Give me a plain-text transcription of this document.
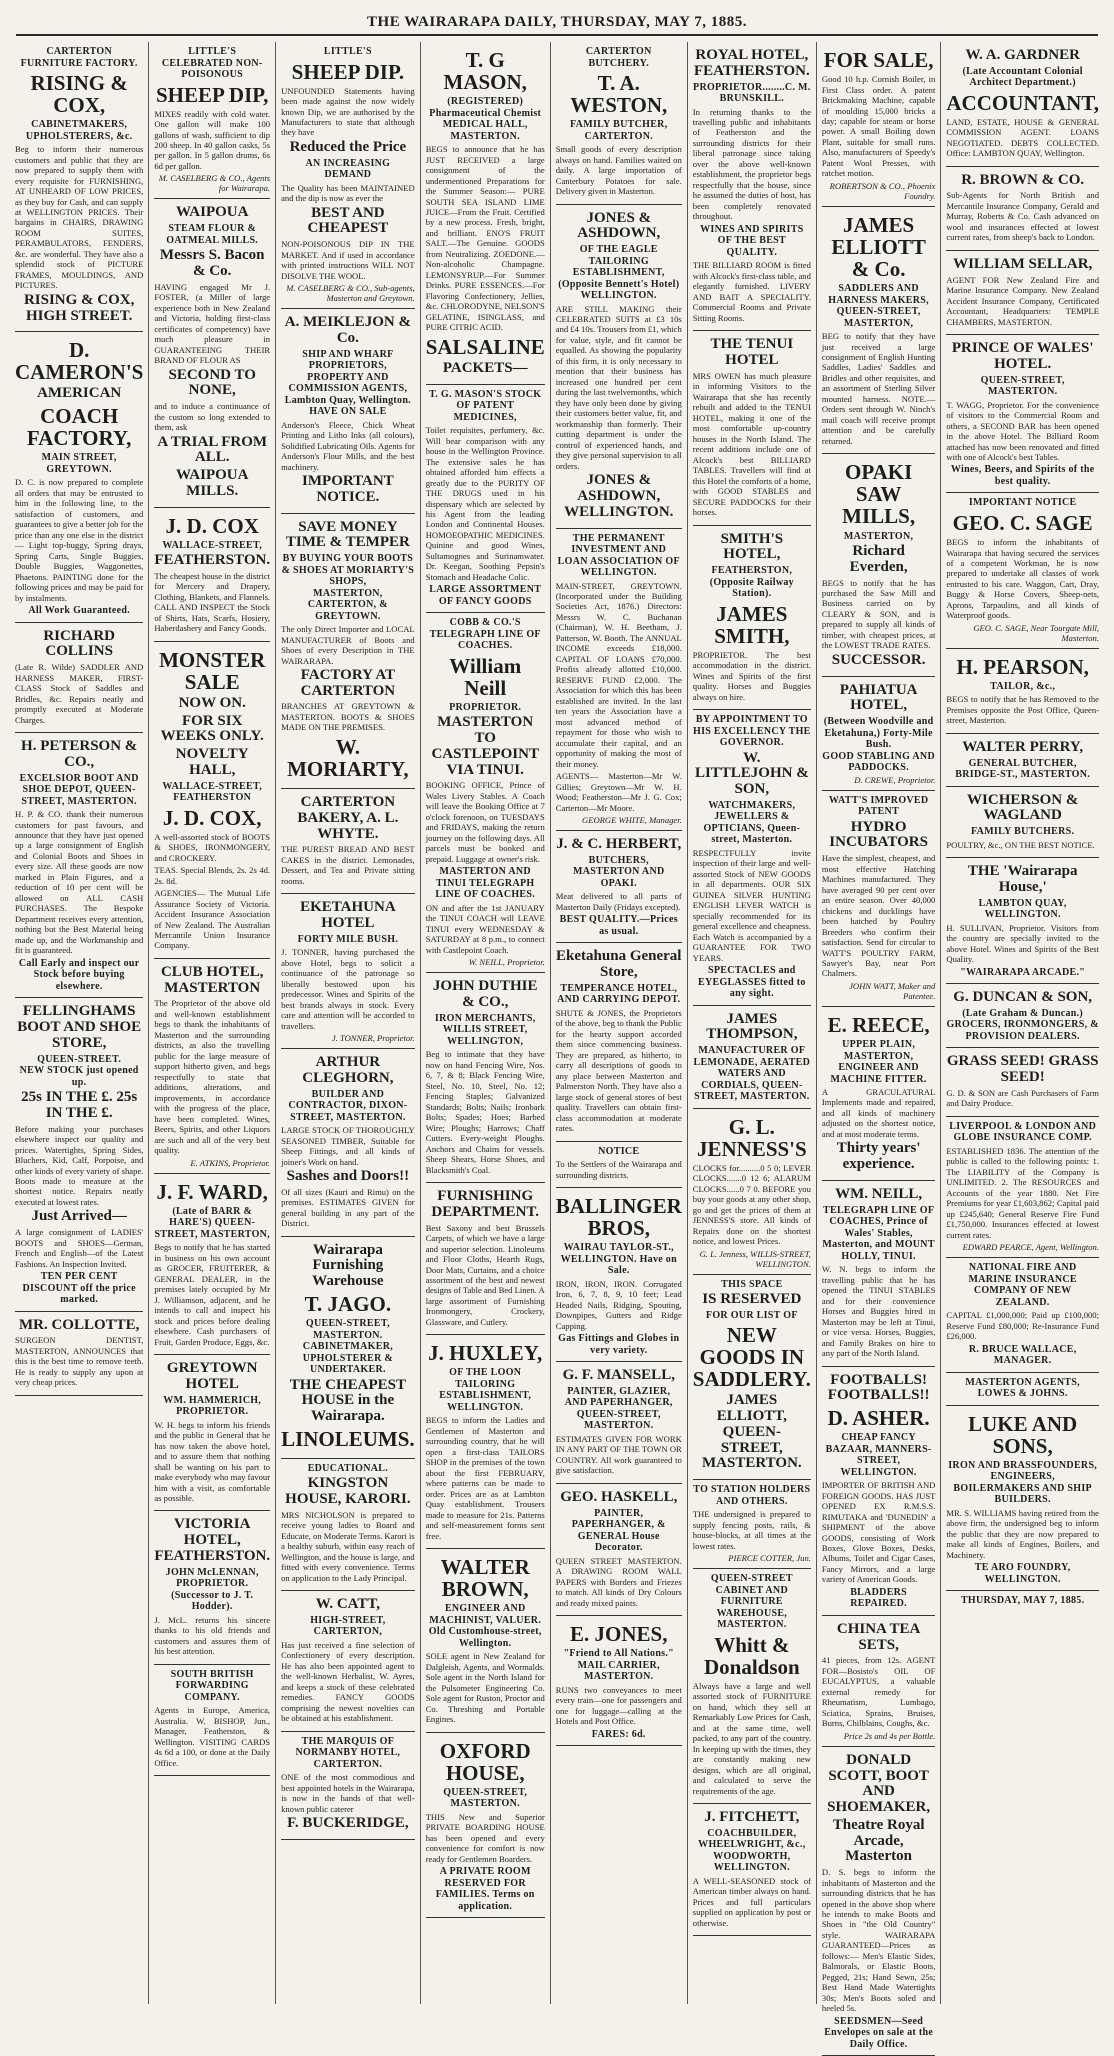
THE WAIRARAPA DAILY, THURSDAY, MAY 7, 1885.
CARTERTON FURNITURE FACTORY.
RISING & COX,
CABINETMAKERS, UPHOLSTERERS, &c.
Beg to inform their numerous customers and public that they are now prepared to supply them with every requisite for FURNISHING, AT UNHEARD OF LOW PRICES, as they buy for Cash, and can supply at WELLINGTON PRICES. Their bargains in CHAIRS, DRAWING ROOM SUITES, PERAMBULATORS, FENDERS, &c. are wonderful. They have also a splendid stock of PICTURE FRAMES, MOULDINGS, AND PICTURES.
RISING & COX, HIGH STREET.
D. CAMERON'S
AMERICAN
COACH FACTORY,
MAIN STREET, GREYTOWN.
D. C. is now prepared to complete all orders that may be entrusted to him in the following line, to the satisfaction of customers, and guarantees to give a better job for the price than any one else in the district — Light top-buggy, Spring drays, Spring Carts, Single Buggies, Double Buggies, Waggonettes, Phaetons. PAINTING done for the following prices and may be paid for by instalments.
All Work Guaranteed.
RICHARD COLLINS
(Late R. Wilde) SADDLER AND HARNESS MAKER, FIRST-CLASS Stock of Saddles and Bridles, &c. Repairs neatly and promptly executed at Moderate Charges.
H. PETERSON & CO.,
EXCELSIOR BOOT AND SHOE DEPOT, QUEEN-STREET, MASTERTON.
H. P. & CO. thank their numerous customers for past favours, and announce that they have just opened up a large consignment of English and Colonial Boots and Shoes in every size. All these goods are now marked in Plain Figures, and a reduction of 10 per cent will be allowed on ALL CASH PURCHASES. The Bespoke Department receives every attention, nothing but the Best Material being made up, and the Workmanship and fit is guaranteed.
Call Early and inspect our Stock before buying elsewhere.
FELLINGHAMS BOOT AND SHOE STORE,
QUEEN-STREET.
NEW STOCK just opened up.
25s IN THE £. 25s IN THE £.
Before making your purchases elsewhere inspect our quality and prices. Watertights, Spring Sides, Bluchers, Kid, Calf, Porpoise, and other kinds of every variety of shape. Boots made to measure at the shortest notice. Repairs neatly executed at lowest rates.
Just Arrived—
A large consignment of LADIES' BOOTS and SHOES—German, French and English—of the Latest Fashions. An Inspection Invited.
TEN PER CENT DISCOUNT off the price marked.
MR. COLLOTTE,
SURGEON DENTIST, MASTERTON, ANNOUNCES that this is the best time to remove teeth. He is ready to supply any upon at very cheap prices.
LITTLE'S CELEBRATED NON-POISONOUS
SHEEP DIP,
MIXES readily with cold water. One gallon will make 100 gallons of wash, sufficient to dip 200 sheep. In 40 gallon casks, 5s per gallon. In 5 gallon drums, 6s 6d per gallon.
M. CASELBERG & CO., Agents for Wairarapa.
WAIPOUA
STEAM FLOUR & OATMEAL MILLS.
Messrs S. Bacon & Co.
HAVING engaged Mr J. FOSTER, (a Miller of large experience both in New Zealand and Victoria, holding first-class certificates of competency) have much pleasure in GUARANTEEING THEIR BRAND OF FLOUR AS
SECOND TO NONE,
and to induce a continuance of the custom so long extended to them, ask
A TRIAL FROM ALL.
WAIPOUA MILLS.
J. D. COX
WALLACE-STREET,
FEATHERSTON.
The cheapest house in the district for Mercery and Drapery, Clothing, Blankets, and Flannels. CALL AND INSPECT the Stock of Shirts, Hats, Scarfs, Hosiery, Haberdashery and Fancy Goods.
MONSTER SALE
NOW ON.
FOR SIX WEEKS ONLY.
NOVELTY HALL,
WALLACE-STREET, FEATHERSTON
J. D. COX,
A well-assorted stock of BOOTS & SHOES, IRONMONGERY, and CROCKERY.
TEAS. Special Blends, 2s. 2s 4d. 2s. 8d.
AGENCIES— The Mutual Life Assurance Society of Victoria. Accident Insurance Association of New Zealand. The Australian Mercantile Union Insurance Company.
CLUB HOTEL, MASTERTON
The Proprietor of the above old and well-known establishment begs to thank the inhabitants of Masterton and the surrounding districts, as also the travelling public for the large measure of support hitherto given, and begs respectfully to state that additions, alterations, and improvements, in accordance with the progress of the place, have been completed. Wines, Beers, Spirits, and other Liquors are such and all of the very best quality.
E. ATKINS, Proprietor.
J. F. WARD,
(Late of BARR & HARE'S) QUEEN-STREET, MASTERTON,
Begs to notify that he has started in business on his own account as GROCER, FRUITERER, & GENERAL DEALER, in the premises lately occupied by Mr J. Williamson, adjacent, and he intends to call and inspect his stock and prices before dealing elsewhere. Cash purchasers of Fruit, Garden Produce, Eggs, &c.
GREYTOWN HOTEL
WM. HAMMERICH, PROPRIETOR.
W. H. begs to inform his friends and the public in General that he has now taken the above hotel, and to assure them that nothing shall be wanting on his part to make everybody who may favour him with a visit, as comfortable as possible.
VICTORIA HOTEL, FEATHERSTON.
JOHN McLENNAN, PROPRIETOR. (Successor to J. T. Hodder).
J. McL. returns his sincere thanks to his old friends and customers and assures them of his best attention.
SOUTH BRITISH FORWARDING COMPANY.
Agents in Europe, America, Australia. W. BISHOP, Jun., Manager, Featherston, & Wellington. VISITING CARDS 4s 6d a 100, or done at the Daily Office.
LITTLE'S
SHEEP DIP.
UNFOUNDED Statements having been made against the now widely known Dip, we are authorised by the Manufacturers to state that although they have
Reduced the Price
AN INCREASING DEMAND
The Quality has been MAINTAINED and the dip is now as ever the
BEST AND CHEAPEST
NON-POISONOUS DIP IN THE MARKET. And if used in accordance with printed instructions WILL NOT DISOLVE THE WOOL.
M. CASELBERG & CO., Sub-agents, Masterton and Greytown.
A. MEIKLEJON & Co.
SHIP AND WHARF PROPRIETORS, PROPERTY AND COMMISSION AGENTS, Lambton Quay, Wellington. HAVE ON SALE
Anderson's Fleece, Chick Wheat Printing and Litho Inks (all colours), Solidified Lubricating Oils. Agents for Anderson's Flour Mills, and the best machinery.
IMPORTANT NOTICE.
SAVE MONEY TIME & TEMPER
BY BUYING YOUR BOOTS & SHOES AT MORIARTY'S SHOPS,
MASTERTON, CARTERTON, & GREYTOWN.
The only Direct Importer and LOCAL MANUFACTURER of Boots and Shoes of every Description in THE WAIRARAPA.
FACTORY AT CARTERTON
BRANCHES AT GREYTOWN & MASTERTON. BOOTS & SHOES MADE ON THE PREMISES.
W. MORIARTY,
CARTERTON BAKERY, A. L. WHYTE.
THE PUREST BREAD AND BEST CAKES in the district. Lemonades, Dessert, and Tea and Private sitting rooms.
EKETAHUNA HOTEL
FORTY MILE BUSH.
J. TONNER, having purchased the above Hotel, begs to solicit a continuance of the patronage so liberally bestowed upon his predecessor. Wines and Spirits of the best brands always in stock. Every care and attention will be accorded to travellers.
J. TONNER, Proprietor.
ARTHUR CLEGHORN,
BUILDER AND CONTRACTOR, DIXON-STREET, MASTERTON.
LARGE STOCK OF THOROUGHLY SEASONED TIMBER, Suitable for Sheep Fittings, and all kinds of joiner's Work on hand.
Sashes and Doors!!
Of all sizes (Kauri and Rimu) on the premises. ESTIMATES GIVEN for general building in any part of the District.
Wairarapa Furnishing Warehouse
T. JAGO.
QUEEN-STREET, MASTERTON. CABINETMAKER, UPHOLSTERER & UNDERTAKER.
THE CHEAPEST HOUSE in the Wairarapa.
LINOLEUMS.
EDUCATIONAL.
KINGSTON HOUSE, KARORI.
MRS NICHOLSON is prepared to receive young ladies to Board and Educate, on Moderate Terms. Karori is a healthy suburb, within easy reach of Wellington, and the house is large, and fitted with every convenience. Terms on application to the Lady Principal.
W. CATT,
HIGH-STREET, CARTERTON,
Has just received a fine selection of Confectionery of every description. He has also been appointed agent to the well-known Herbalist, W. Ayres, and keeps a stock of these celebrated remedies. FANCY GOODS comprising the newest novelties can be obtained at his establishment.
THE MARQUIS OF NORMANBY HOTEL, CARTERTON.
ONE of the most commodious and best appointed hotels in the Wairarapa, is now in the hands of that well-known public caterer
F. BUCKERIDGE,
T. G MASON,
(REGISTERED) Pharmaceutical Chemist MEDICAL HALL, MASTERTON.
BEGS to announce that he has JUST RECEIVED a large consignment of the undermentioned Preparations for the Summer Season:— PURE SOUTH SEA ISLAND LIME JUICE—From the Fruit. Certified by a new process. Fresh, bright, and brilliant. ENO'S FRUIT SALT.—The Genuine. GOODS from Neutralizing. ZOEDONE.—Non-alcoholic Champagne. LEMONSYRUP.—For Summer Drinks. PURE ESSENCES.—For Flavoring Confectionery, Jellies, &c. CHLORODYNE, NELSON'S GELATINE, ISINGLASS, and PURE CITRIC ACID.
SALSALINE
PACKETS—
T. G. MASON'S STOCK OF PATENT MEDICINES,
Toilet requisites, perfumery, &c. Will bear comparison with any house in the Wellington Province. The extensive sales he has obtained afforded him effects a greatly due to the PURITY OF THE DRUGS used in his dispensary which are selected by his Agent from the leading London and Continental Houses. HOMOEOPATHIC MEDICINES. Quinine and good Wines, Sultamognes and Surinamwater. Dr. Keegan, Soothing Pepsin's Stomach and Headache Colic.
LARGE ASSORTMENT OF FANCY GOODS
COBB & CO.'S TELEGRAPH LINE OF COACHES.
William Neill
PROPRIETOR.
MASTERTON TO CASTLEPOINT VIA TINUI.
BOOKING OFFICE, Prince of Wales Livery Stables. A Coach will leave the Booking Office at 7 o'clock forenoon, on TUESDAYS and FRIDAYS, making the return journey on the following days. All parcels must be booked and prepaid. Luggage at owner's risk.
MASTERTON AND TINUI TELEGRAPH LINE OF COACHES.
ON and after the 1st JANUARY the TINUI COACH will LEAVE TINUI every WEDNESDAY & SATURDAY at 8 p.m., to connect with Castlepoint Coach.
W. NEILL, Proprietor.
JOHN DUTHIE & CO.,
IRON MERCHANTS, WILLIS STREET, WELLINGTON,
Beg to intimate that they have now on hand Fencing Wire, Nos. 6, 7, & 8; Black Fencing Wire, Steel, No. 10, Steel, No. 12; Fencing Staples; Galvanized Standards; Bolts; Nails; Ironbark Bolts; Spades; Hoes; Barbed Wire; Ploughs; Harrows; Chaff Cutters. Every-weight Ploughs. Anchors and Chains for vessels. Sheep Shears, Horse Shoes, and Blacksmith's Coal.
FURNISHING DEPARTMENT.
Best Saxony and best Brussels Carpets, of which we have a large and superior selection. Linoleums and Floor Cloths, Hearth Rugs, Door Mats, Curtains, and a choice assortment of the best and newest designs of Table and Bed Linen. A large assortment of Furnishing Ironmongery, Crockery, Glassware, and Cutlery.
J. HUXLEY,
OF THE LOON TAILORING ESTABLISHMENT, WELLINGTON.
BEGS to inform the Ladies and Gentlemen of Masterton and surrounding country, that he will open a first-class TAILORS SHOP in the premises of the town about the first FEBRUARY, where patterns can be made to order. Prices are as at Lambton Quay establishment. Trousers made to measure for 21s. Patterns and self-measurement forms sent free.
WALTER BROWN,
ENGINEER AND MACHINIST, VALUER. Old Customhouse-street, Wellington.
SOLE agent in New Zealand for Dalgleish, Agents, and Wormalds. Sole agent in the North Island for the Pulsometer Engineering Co. Sole agent for Ruston, Proctor and Co. Threshing and Portable Engines.
OXFORD HOUSE,
QUEEN-STREET, MASTERTON.
THIS New and Superior PRIVATE BOARDING HOUSE has been opened and every convenience for comfort is now ready for Gentlemen Boarders.
A PRIVATE ROOM RESERVED FOR FAMILIES. Terms on application.
CARTERTON BUTCHERY.
T. A. WESTON,
FAMILY BUTCHER, CARTERTON.
Small goods of every description always on hand. Families waited on daily. A large importation of Canterbury Potatoes for sale. Delivery given in Masterton.
JONES & ASHDOWN,
OF THE EAGLE TAILORING ESTABLISHMENT, (Opposite Bennett's Hotel) WELLINGTON.
ARE STILL MAKING their CELEBRATED SUITS at £3 10s and £4 10s. Trousers from £1, which for value, style, and fit cannot be equalled. As showing the popularity of this firm, it is only necessary to mention that their business has increased one hundred per cent during the last twelvemonths, which they have only been done by giving their customers better value, fit, and workmanship than formerly. Their cutting department is under the control of experienced hands, and they give personal supervision to all orders.
JONES & ASHDOWN, WELLINGTON.
THE PERMANENT INVESTMENT AND LOAN ASSOCIATION OF WELLINGTON.
MAIN-STREET, GREYTOWN. (Incorporated under the Building Societies Act, 1876.) Directors: Messrs W. C. Buchanan (Chairman), W. H. Beetham, J. Patterson, W. Booth. The ANNUAL INCOME exceeds £18,000. CAPITAL OF LOANS £70,000. Profits already allotted £10,000. RESERVE FUND £2,000. The Association for which this has been established are invited. In the last ten years the Association have a most advanced method of repayment for those who wish to accumulate their capital, and an opportunity of making the most of their money.
AGENTS— Masterton—Mr W. Gillies; Greytown—Mr W. H. Wood; Featherston—Mr J. G. Cox; Carterton—Mr Moore.
GEORGE WHITE, Manager.
J. & C. HERBERT,
BUTCHERS, MASTERTON AND OPAKI.
Meat delivered to all parts of Masterton Daily (Fridays excepted).
BEST QUALITY.—Prices as usual.
Eketahuna General Store,
TEMPERANCE HOTEL, AND CARRYING DEPOT.
SHUTE & JONES, the Proprietors of the above, beg to thank the Public for the hearty support accorded them since commencing business. They are prepared, as hitherto, to carry all descriptions of goods to any place between Masterton and Palmerston North. They have also a large stock of general stores of best quality. Travellers can obtain first-class accommodation at moderate rates.
NOTICE
To the Settlers of the Wairarapa and surrounding districts.
BALLINGER BROS,
WAIRAU TAYLOR-ST., WELLINGTON. Have on Sale.
IRON, IRON, IRON. Corrugated Iron, 6, 7, 8, 9, 10 feet; Lead Headed Nails, Ridging, Spouting, Downpipes, Gutters and Ridge Capping.
Gas Fittings and Globes in very variety.
G. F. MANSELL,
PAINTER, GLAZIER, AND PAPERHANGER, QUEEN-STREET, MASTERTON.
ESTIMATES GIVEN FOR WORK IN ANY PART OF THE TOWN OR COUNTRY. All work guaranteed to give satisfaction.
GEO. HASKELL,
PAINTER, PAPERHANGER, & GENERAL House Decorator.
QUEEN STREET MASTERTON. A DRAWING ROOM WALL PAPERS with Borders and Friezes to match. All kinds of Dry Colours and ready mixed paints.
E. JONES,
"Friend to All Nations." MAIL CARRIER, MASTERTON.
RUNS two conveyances to meet every train—one for passengers and one for luggage—calling at the Hotels and Post Office.
FARES: 6d.
ROYAL HOTEL, FEATHERSTON.
PROPRIETOR........C. M. BRUNSKILL.
In returning thanks to the travelling public and inhabitants of Featherston and the surrounding districts for their liberal patronage since taking over the above well-known establishment, the proprietor begs respectfully that the house, since he assumed the duties of host, has been completely renovated throughout.
WINES AND SPIRITS OF THE BEST QUALITY.
THE BILLIARD ROOM is fitted with Alcock's first-class table, and elegantly furnished. LIVERY AND BAIT A SPECIALITY. Commercial Rooms and Private Sitting Rooms.
THE TENUI HOTEL
MRS OWEN has much pleasure in informing Visitors to the Wairarapa that she has recently rebuilt and added to the TENUI HOTEL, making it one of the most comfortable up-country houses in the North Island. The recent additions include one of Alcock's best BILLIARD TABLES. Travellers will find at this Hotel the comforts of a home, with GOOD STABLES and SECURE PADDOCKS for their horses.
SMITH'S HOTEL,
FEATHERSTON, (Opposite Railway Station).
JAMES SMITH,
PROPRIETOR. The best accommodation in the district. Wines and Spirits of the first quality. Horses and Buggies always on hire.
BY APPOINTMENT TO HIS EXCELLENCY THE GOVERNOR.
W. LITTLEJOHN & SON,
WATCHMAKERS, JEWELLERS & OPTICIANS, Queen-street, Masterton.
RESPECTFULLY invite inspection of their large and well-assorted Stock of NEW GOODS in all departments. OUR SIX GUINEA SILVER HUNTING ENGLISH LEVER WATCH is specially recommended for its general excellence and cheapness. Each Watch is accompanied by a GUARANTEE FOR TWO YEARS.
SPECTACLES and EYEGLASSES fitted to any sight.
JAMES THOMPSON,
MANUFACTURER OF LEMONADE, AERATED WATERS AND CORDIALS, QUEEN-STREET, MASTERTON.
G. L. JENNESS'S
CLOCKS for..........0 5 0; LEVER CLOCKS.......0 12 6; ALARUM CLOCKS......0 7 0. BEFORE you buy your goods at any other shop, go and get the prices of them at JENNESS'S store. All kinds of Repairs done on the shortest notice, and lowest Prices.
G. L. Jenness, WILLIS-STREET, WELLINGTON.
THIS SPACE
IS RESERVED
FOR OUR LIST OF
NEW GOODS IN SADDLERY.
JAMES ELLIOTT, QUEEN-STREET, MASTERTON.
TO STATION HOLDERS AND OTHERS.
THE undersigned is prepared to supply fencing posts, rails, & house-blocks, at all times at the lowest rates.
PIERCE COTTER, Jun.
QUEEN-STREET CABINET AND FURNITURE WAREHOUSE, MASTERTON.
Whitt & Donaldson
Always have a large and well assorted stock of FURNITURE on hand, which they sell at Remarkably Low Prices for Cash, and at the same time, well packed, to any part of the country. In keeping up with the times, they are constantly making new designs, which are all original, and calculated to serve the requirements of the age.
J. FITCHETT,
COACHBUILDER, WHEELWRIGHT, &c., WOODWORTH, WELLINGTON.
A WELL-SEASONED stock of American timber always on hand. Prices and full particulars supplied on application by post or otherwise.
FOR SALE,
Good 10 h.p. Cornish Boiler, in First Class order. A patent Brickmaking Machine, capable of moulding 15,000 bricks a day; capable for steam or horse power. A small Boiling down Plant, suitable for small runs. Also, manufacturers of Speedy's Patent Wool Presses, with ratchet motion.
ROBERTSON & CO., Phoenix Foundry.
JAMES ELLIOTT & Co.
SADDLERS AND HARNESS MAKERS,
QUEEN-STREET, MASTERTON,
BEG to notify that they have just received a large consignment of English Hunting Saddles, Ladies' Saddles and Bridles and other requisites, and an assortment of Sterling Silver mounted harness. NOTE.—Orders sent through W. Ninch's mail coach will receive prompt attention and be carefully returned.
OPAKI SAW MILLS,
MASTERTON,
Richard Everden,
BEGS to notify that he has purchased the Saw Mill and Business carried on by CLEARY & SON, and is prepared to supply all kinds of timber, with cheapest prices, at the LOWEST TRADE RATES.
SUCCESSOR.
PAHIATUA HOTEL,
(Between Woodville and Eketahuna,) Forty-Mile Bush.
GOOD STABLING AND PADDOCKS.
D. CREWE, Proprietor.
WATT'S IMPROVED PATENT
HYDRO INCUBATORS
Have the simplest, cheapest, and most effective Hatching Machines manufactured. They have averaged 90 per cent over an entire season. Over 40,000 chickens and ducklings have been hatched by Poultry Breeders who confirm their satisfaction. Send for circular to WATT'S POULTRY FARM, Sawyer's Bay, near Port Chalmers.
JOHN WATT, Maker and Patentee.
E. REECE,
UPPER PLAIN, MASTERTON, ENGINEER AND MACHINE FITTER.
A GRACULATURAL Implements made and repaired, and all kinds of machinery adjusted on the shortest notice, and at most moderate terms.
Thirty years' experience.
WM. NEILL,
TELEGRAPH LINE OF COACHES, Prince of Wales' Stables, Masterton, and MOUNT HOLLY, TINUI.
W. N. begs to inform the travelling public that he has opened the TINUI STABLES and for their convenience Horses and Buggies hired in Masterton may be left at Tinui, or vice versa. Horses, Buggies, and Family Brakes on hire to any part of the North Island.
FOOTBALLS! FOOTBALLS!!
D. ASHER.
CHEAP FANCY BAZAAR, MANNERS-STREET, WELLINGTON.
IMPORTER OF BRITISH AND FOREIGN GOODS. HAS JUST OPENED EX R.M.S.S. RIMUTAKA and 'DUNEDIN' a SHIPMENT of the above GOODS, consisting of Work Boxes, Glove Boxes, Desks, Albums, Toilet and Cigar Cases, Fancy Mirrors, and a large variety of American Goods.
BLADDERS REPAIRED.
CHINA TEA SETS,
41 pieces, from 12s. AGENT FOR—Bosisto's OIL OF EUCALYPTUS, a valuable external remedy for Rheumatism, Lumbago, Sciatica, Sprains, Bruises, Burns, Chilblains, Coughs, &c.
Price 2s and 4s per Bottle.
DONALD SCOTT, BOOT AND SHOEMAKER,
Theatre Royal Arcade, Masterton
D. S. begs to inform the inhabitants of Masterton and the surrounding districts that he has opened in the above shop where he intends to make Boots and Shoes in "the Old Country" style. WAIRARAPA GUARANTEED—Prices as follows:— Men's Elastic Sides, Balmorals, or Elastic Boots, Pegged, 21s; Hand Sewn, 25s; Best Hand Made Watertights 30s; Men's Boots soled and heeled 5s.
SEEDSMEN—Seed Envelopes on sale at the Daily Office.
W. A. GARDNER
(Late Accountant Colonial Architect Department.)
ACCOUNTANT,
LAND, ESTATE, HOUSE & GENERAL COMMISSION AGENT. LOANS NEGOTIATED. DEBTS COLLECTED. Office: LAMBTON QUAY, Wellington.
R. BROWN & CO.
Sub-Agents for North British and Mercantile Insurance Company, Gerald and Murray, Roberts & Co. Cash advanced on wool and insurances effected at lowest current rates, from sheep's back to London.
WILLIAM SELLAR,
AGENT FOR New Zealand Fire and Marine Insurance Company. New Zealand Accident Insurance Company, Certificated Accountant, Headquarters: TEMPLE CHAMBERS, MASTERTON.
PRINCE OF WALES' HOTEL.
QUEEN-STREET, MASTERTON.
T. WAGG, Proprietor. For the convenience of visitors to the Commercial Room and others, a SECOND BAR has been opened in the above Hotel. The Billiard Room attached has now been renovated and fitted with one of Alcock's best Tables.
Wines, Beers, and Spirits of the best quality.
IMPORTANT NOTICE
GEO. C. SAGE
BEGS to inform the inhabitants of Wairarapa that having secured the services of a competent Workman, he is now prepared to undertake all classes of work entrusted to his care. Waggon, Cart, Dray, Buggy & Horse Covers, Sheep-nets, Aprons, Tarpaulins, and all kinds of Waterproof goods.
GEO. C. SAGE, Near Tourgate Mill, Masterton.
H. PEARSON,
TAILOR, &c.,
BEGS to notify that he has Removed to the Premises opposite the Post Office, Queen-street, Masterton.
WALTER PERRY,
GENERAL BUTCHER, BRIDGE-ST., MASTERTON.
WICHERSON & WAGLAND
FAMILY BUTCHERS.
POULTRY, &c., ON THE BEST NOTICE.
THE 'Wairarapa House,'
LAMBTON QUAY, WELLINGTON.
H. SULLIVAN, Proprietor. Visitors from the country are specially invited to the above Hotel. Wines and Spirits of the Best Quality.
"WAIRARAPA ARCADE."
G. DUNCAN & SON,
(Late Graham & Duncan.)
GROCERS, IRONMONGERS, & PROVISION DEALERS.
GRASS SEED! GRASS SEED!
G. D. & SON are Cash Purchasers of Farm and Dairy Produce.
LIVERPOOL & LONDON AND GLOBE INSURANCE COMP.
ESTABLISHED 1836. The attention of the public is called to the following points: 1. The LIABILITY of the Company is UNLIMITED. 2. The RESOURCES and Accounts of the year 1880. Net Fire Premiums for year £1,603,862; Capital paid up £245,640; General Reserve Fire Fund £1,750,000. Insurances effected at lowest current rates.
EDWARD PEARCE, Agent, Wellington.
NATIONAL FIRE AND MARINE INSURANCE COMPANY OF NEW ZEALAND.
CAPITAL £1,000,000; Paid up £100,000; Reserve Fund £80,000; Re-Insurance Fund £26,000.
R. BRUCE WALLACE, MANAGER.
MASTERTON AGENTS, LOWES & JOHNS.
LUKE AND SONS,
IRON AND BRASSFOUNDERS, ENGINEERS, BOILERMAKERS AND SHIP BUILDERS.
MR. S. WILLIAMS having retired from the above firm, the undersigned beg to inform the public that they are now prepared to make all kinds of Engines, Boilers, and Machinery.
TE ARO FOUNDRY, WELLINGTON.
THURSDAY, MAY 7, 1885.
